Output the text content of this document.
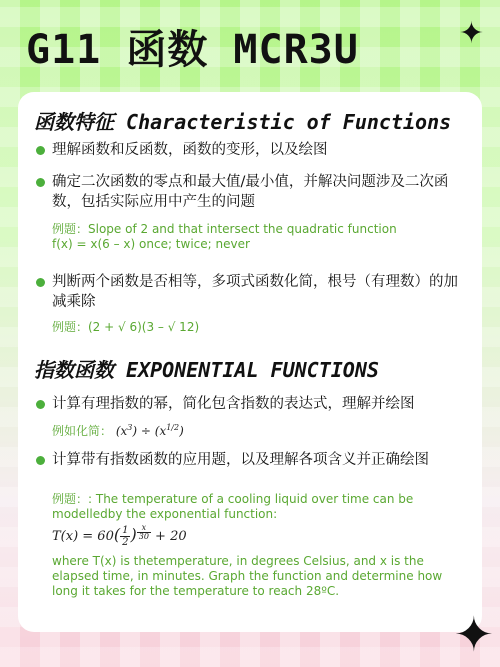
G11 函数 MCR3U	✦
函数特征 Characteristic of Functions
理解函数和反函数，函数的变形，以及绘图
确定二次函数的零点和最大值/最小值，并解决问题涉及二次函数，包括实际应用中产生的问题
例题：Slope of 2 and that intersect the quadratic function
f(x) = x(6 – x) once; twice; never
判断两个函数是否相等，多项式函数化简，根号（有理数）的加减乘除
例题：(2 + √ 6)(3 – √ 12)
指数函数 EXPONENTIAL FUNCTIONS
计算有理指数的幂，简化包含指数的表达式，理解并绘图
例如化简： $(x^3) \div (x^{1/2})$
计算带有指数函数的应用题，以及理解各项含义并正确绘图
例题：: The temperature of a cooling liquid over time can be modelledby the exponential function:
$T(x) = 60( \frac{1}{2}$ ) $^{\frac{x}{30}}$ + 20
where T(x) is thetemperature, in degrees Celsius, and x is the elapsed time, in minutes. Graph the function and determine how long it takes for the temperature to reach 28ºC.
✦
